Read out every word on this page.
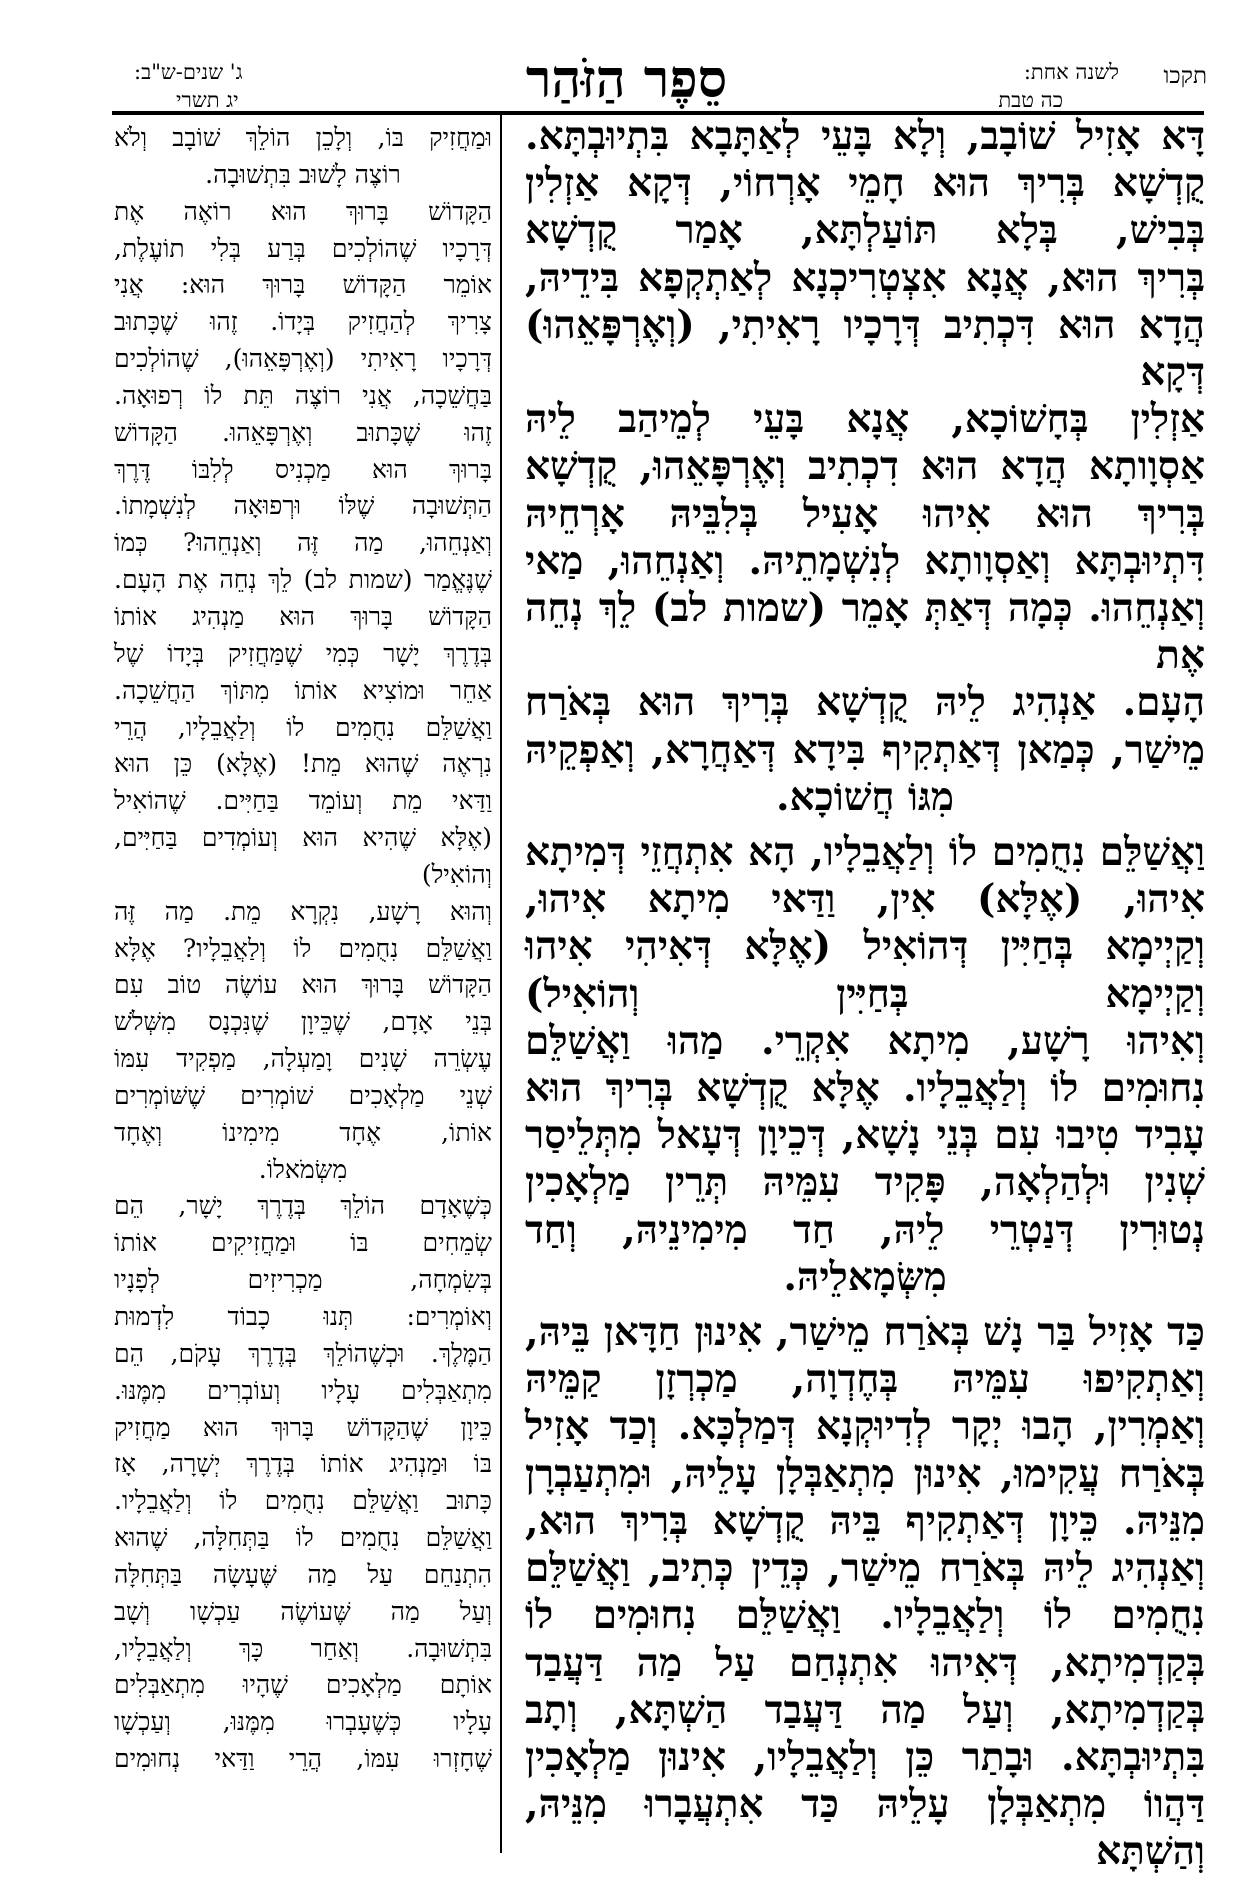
תקכו
לשנה אחת:
כה טבת
סֵפֶר הַזֹּהַר
ג' שנים-ש"ב:
יג תשרי

דָּא אָזִיל שׁוֹבָב, וְלָא בָּעֵי לְאַתָּבָא בִּתְיוּבְתָּא.

קֻדְשָׁא בְּרִיךְ הוּא חָמֵי אָרְחוֹי, דְּקָא אַזְלִין

בְּבִישׁ, בְּלָא תּוֹעַלְתָּא, אָמַר קֻדְשָׁא

בְּרִיךְ הוּא, אֲנָא אִצְטְרִיכְנָא לְאַתְקְפָא בִּידֵיהּ,

הֲדָא הוּא דִּכְתִיב דְּרָכָיו רָאִיתִי, (וְאֶרְפָּאֵהוּ) דְּקָא

אַזְלִין בְּחָשׁוֹכָא, אֲנָא בָּעֵי לְמֵיהַב לֵיהּ

אַסְוָותָא הֲדָא הוּא דִכְתִיב וְאֶרְפָּאֵהוּ, קֻדְשָׁא

בְּרִיךְ הוּא אִיהוּ אָעִיל בְּלִבֵּיהּ אָרְחֵיהּ

דִּתְיוּבְתָּא וְאַסְוָותָא לְנִשְׁמָתֵיהּ. וְאַנְחֵהוּ, מַאי

וְאַנְחֵהוּ. כְּמָה דְּאַתְּ אָמֵר (שמות לב) לֵךְ נְחֵה אֶת

הָעָם. אַנְהִיג לֵיהּ קֻדְשָׁא בְּרִיךְ הוּא בְּאֹרַח

מֵישַׁר, כְּמַאן דְּאַתְקִיף בִּידָא דְּאַחֲרָא, וְאַפְקֵיהּ

מִגּוֹ חֲשׁוֹכָא.

וַאֲשַׁלֵּם נִחֻמִים לוֹ וְלַאֲבֵלָיו, הָא אִתְחֲזֵי דְּמִיתָא

אִיהוּ, (אֶלָּא) אִין, וַדַּאי מִיתָא אִיהוּ,

וְקַיְימָא בְּחַיִּין דְּהוֹאִיל (אֶלָּא דְּאִיהִי אִיהוּ וְקַיְימָא בְּחַיִּין וְהוֹאִיל)

וְאִיהוּ רָשָׁע, מִיתָא אִקְרֵי. מַהוּ וַאֲשַׁלֵּם

נִחוּמִים לוֹ וְלַאֲבֵלָיו. אֶלָּא קֻדְשָׁא בְּרִיךְ הוּא

עָבִיד טִיבוּ עִם בְּנֵי נָשָׁא, דְּכֵיוָן דְּעָאל מִתְּלֵיסַר

שְׁנִין וּלְהַלְאָה, פָּקִיד עִמֵּיהּ תְּרֵין מַלְאָכִין

נְטוּרִין דְּנַטְרֵי לֵיהּ, חַד מִימִינֵיהּ, וְחַד

מִשְּׂמָאלֵיהּ.

כַּד אָזִיל בַּר נָשׁ בְּאֹרַח מֵישַׁר, אִינוּן חַדָּאן בֵּיהּ,

וְאַתְקִיפוּ עִמֵּיהּ בְּחֶדְוָה, מַכְרְזָן קַמֵּיהּ

וְאַמְרִין, הָבוּ יְקָר לְדִיוּקְנָא דְּמַלְכָּא. וְכַד אָזִיל

בְּאֹרַח עֲקִימוּ, אִינוּן מִתְאַבְּלָן עָלֵיהּ, וּמִתְעַבְרָן

מִנֵּיהּ. כֵּיוָן דְּאַתְקִיף בֵּיהּ קֻדְשָׁא בְּרִיךְ הוּא,

וְאַנְהִיג לֵיהּ בְּאֹרַח מֵישַׁר, כְּדֵין כְּתִיב, וַאֲשַׁלֵּם

נִחֻמִים לוֹ וְלַאֲבֵלָיו. וַאֲשַׁלֵּם נִחוּמִים לוֹ

בְּקַדְמִיתָא, דְּאִיהוּ אִתְנְחַם עַל מַה דַּעֲבַד

בְּקַדְמִיתָא, וְעַל מַה דַּעֲבַד הַשְׁתָּא, וְתָב

בִּתְיוּבְתָּא. וּבָתַר כֵּן וְלַאֲבֵלָיו, אִינוּן מַלְאָכִין

דַּהֲווֹ מִתְאַבְּלָן עָלֵיהּ כַּד אִתְעֲבָרוּ מִנֵּיהּ, וְהַשְׁתָּא

וּמַחֲזִיק בּוֹ, וְלָכֵן הוֹלֵךְ שׁוֹבָב וְלֹא

רוֹצֶה לָשׁוּב בִּתְשׁוּבָה.

הַקָּדוֹשׁ בָּרוּךְ הוּא רוֹאֶה אֶת

דְּרָכָיו שֶׁהוֹלְכִים בְּרַע בְּלִי תוֹעֶלֶת,

אוֹמֵר הַקָּדוֹשׁ בָּרוּךְ הוּא: אֲנִי

צָרִיךְ לְהַחֲזִיק בְּיָדוֹ. זֶהוּ שֶׁכָּתוּב

דְּרָכָיו רָאִיתִי (וְאֶרְפָּאֵהוּ), שֶׁהוֹלְכִים

בַּחֲשֵׁכָה, אֲנִי רוֹצֶה תֵּת לוֹ רְפוּאָה.

זֶהוּ שֶׁכָּתוּב וְאֶרְפָּאֵהוּ. הַקָּדוֹשׁ

בָּרוּךְ הוּא מַכְנִיס לְלִבּוֹ דֶּרֶךְ

הַתְּשׁוּבָה שֶׁלּוֹ וּרְפוּאָה לְנִשְׁמָתוֹ.

וְאַנְחֵהוּ, מַה זֶּה וְאַנְחֵהוּ? כְּמוֹ

שֶׁנֶּאֱמַר (שמות לב) לֵךְ נְחֵה אֶת הָעָם.

הַקָּדוֹשׁ בָּרוּךְ הוּא מַנְהִיג אוֹתוֹ

בְּדֶרֶךְ יָשָׁר כְּמִי שֶׁמַּחֲזִיק בְּיָדוֹ שֶׁל

אַחֵר וּמוֹצִיא אוֹתוֹ מִתּוֹךְ הַחֲשֵׁכָה.

וַאֲשַׁלֵּם נִחֻמִים לוֹ וְלַאֲבֵלָיו, הֲרֵי

נִרְאֶה שֶׁהוּא מֵת! (אֶלָּא) כֵּן הוּא

וַדַּאי מֵת וְעוֹמֵד בַּחַיִּים. שֶׁהוֹאִיל

(אֶלָּא שֶׁהִיא הוּא וְעוֹמְדִים בַּחַיִּים, וְהוֹאִיל)

וְהוּא רָשָׁע, נִקְרָא מֵת. מַה זֶּה

וַאֲשַׁלֵּם נִחֻמִים לוֹ וְלַאֲבֵלָיו? אֶלָּא

הַקָּדוֹשׁ בָּרוּךְ הוּא עוֹשֶׂה טוֹב עִם

בְּנֵי אָדָם, שֶׁכֵּיוָן שֶׁנִּכְנָס מִשְּׁלֹשׁ

עֶשְׂרֵה שָׁנִים וָמַעְלָה, מַפְקִיד עִמּוֹ

שְׁנֵי מַלְאָכִים שׁוֹמְרִים שֶׁשּׁוֹמְרִים

אוֹתוֹ, אֶחָד מִימִינוֹ וְאֶחָד

מִשְּׂמֹאלוֹ.

כְּשֶׁאָדָם הוֹלֵךְ בְּדֶרֶךְ יָשָׁר, הֵם

שְׂמֵחִים בּוֹ וּמַחֲזִיקִים אוֹתוֹ

בְּשִׂמְחָה, מַכְרִיזִים לְפָנָיו

וְאוֹמְרִים: תְּנוּ כָבוֹד לִדְמוּת

הַמֶּלֶךְ. וּכְשֶׁהוֹלֵךְ בְּדֶרֶךְ עָקֹם, הֵם

מִתְאַבְּלִים עָלָיו וְעוֹבְרִים מִמֶּנּוּ.

כֵּיוָן שֶׁהַקָּדוֹשׁ בָּרוּךְ הוּא מַחֲזִיק

בּוֹ וּמַנְהִיג אוֹתוֹ בְּדֶרֶךְ יְשָׁרָה, אָז

כָּתוּב וַאֲשַׁלֵּם נִחֻמִים לוֹ וְלַאֲבֵלָיו.

וַאֲשַׁלֵּם נִחֻמִים לוֹ בַּתְּחִלָּה, שֶׁהוּא

הִתְנַחֵם עַל מַה שֶּׁעָשָׂה בַּתְּחִלָּה

וְעַל מַה שֶּׁעוֹשֶׂה עַכְשָׁו וְשָׁב

בִּתְשׁוּבָה. וְאַחַר כָּךְ וְלַאֲבֵלָיו,

אוֹתָם מַלְאָכִים שֶׁהָיוּ מִתְאַבְּלִים

עָלָיו כְּשֶׁעָבְרוּ מִמֶּנּוּ, וְעַכְשָׁו

שֶׁחָזְרוּ עִמּוֹ, הֲרֵי וַדַּאי נְחוּמִים
